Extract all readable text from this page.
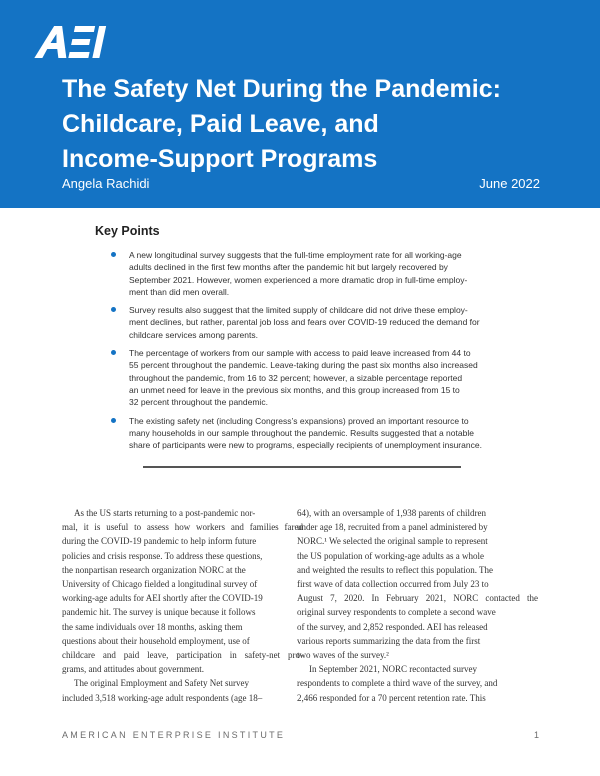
The Safety Net During the Pandemic:
Childcare, Paid Leave, and
Income-Support Programs
Angela Rachidi	June 2022
Key Points
A new longitudinal survey suggests that the full-time employment rate for all working-age
adults declined in the first few months after the pandemic hit but largely recovered by
September 2021. However, women experienced a more dramatic drop in full-time employ-
ment than did men overall.
Survey results also suggest that the limited supply of childcare did not drive these employ-
ment declines, but rather, parental job loss and fears over COVID-19 reduced the demand for
childcare services among parents.
The percentage of workers from our sample with access to paid leave increased from 44 to
55 percent throughout the pandemic. Leave-taking during the past six months also increased
throughout the pandemic, from 16 to 32 percent; however, a sizable percentage reported
an unmet need for leave in the previous six months, and this group increased from 15 to
32 percent throughout the pandemic.
The existing safety net (including Congress’s expansions) proved an important resource to
many households in our sample throughout the pandemic. Results suggested that a notable
share of participants were new to programs, especially recipients of unemployment insurance.
As the US starts returning to a post-pandemic nor-
mal, it is useful to assess how workers and families fared
during the COVID-19 pandemic to help inform future
policies and crisis response. To address these questions,
the nonpartisan research organization NORC at the
University of Chicago fielded a longitudinal survey of
working-age adults for AEI shortly after the COVID-19
pandemic hit. The survey is unique because it follows
the same individuals over 18 months, asking them
questions about their household employment, use of
childcare and paid leave, participation in safety-net pro-
grams, and attitudes about government.
The original Employment and Safety Net survey
included 3,518 working-age adult respondents (age 18–
64), with an oversample of 1,938 parents of children
under age 18, recruited from a panel administered by
NORC.¹ We selected the original sample to represent
the US population of working-age adults as a whole
and weighted the results to reflect this population. The
first wave of data collection occurred from July 23 to
August 7, 2020. In February 2021, NORC contacted the
original survey respondents to complete a second wave
of the survey, and 2,852 responded. AEI has released
various reports summarizing the data from the first
two waves of the survey.²
In September 2021, NORC recontacted survey
respondents to complete a third wave of the survey, and
2,466 responded for a 70 percent retention rate. This
AMERICAN ENTERPRISE INSTITUTE	1
